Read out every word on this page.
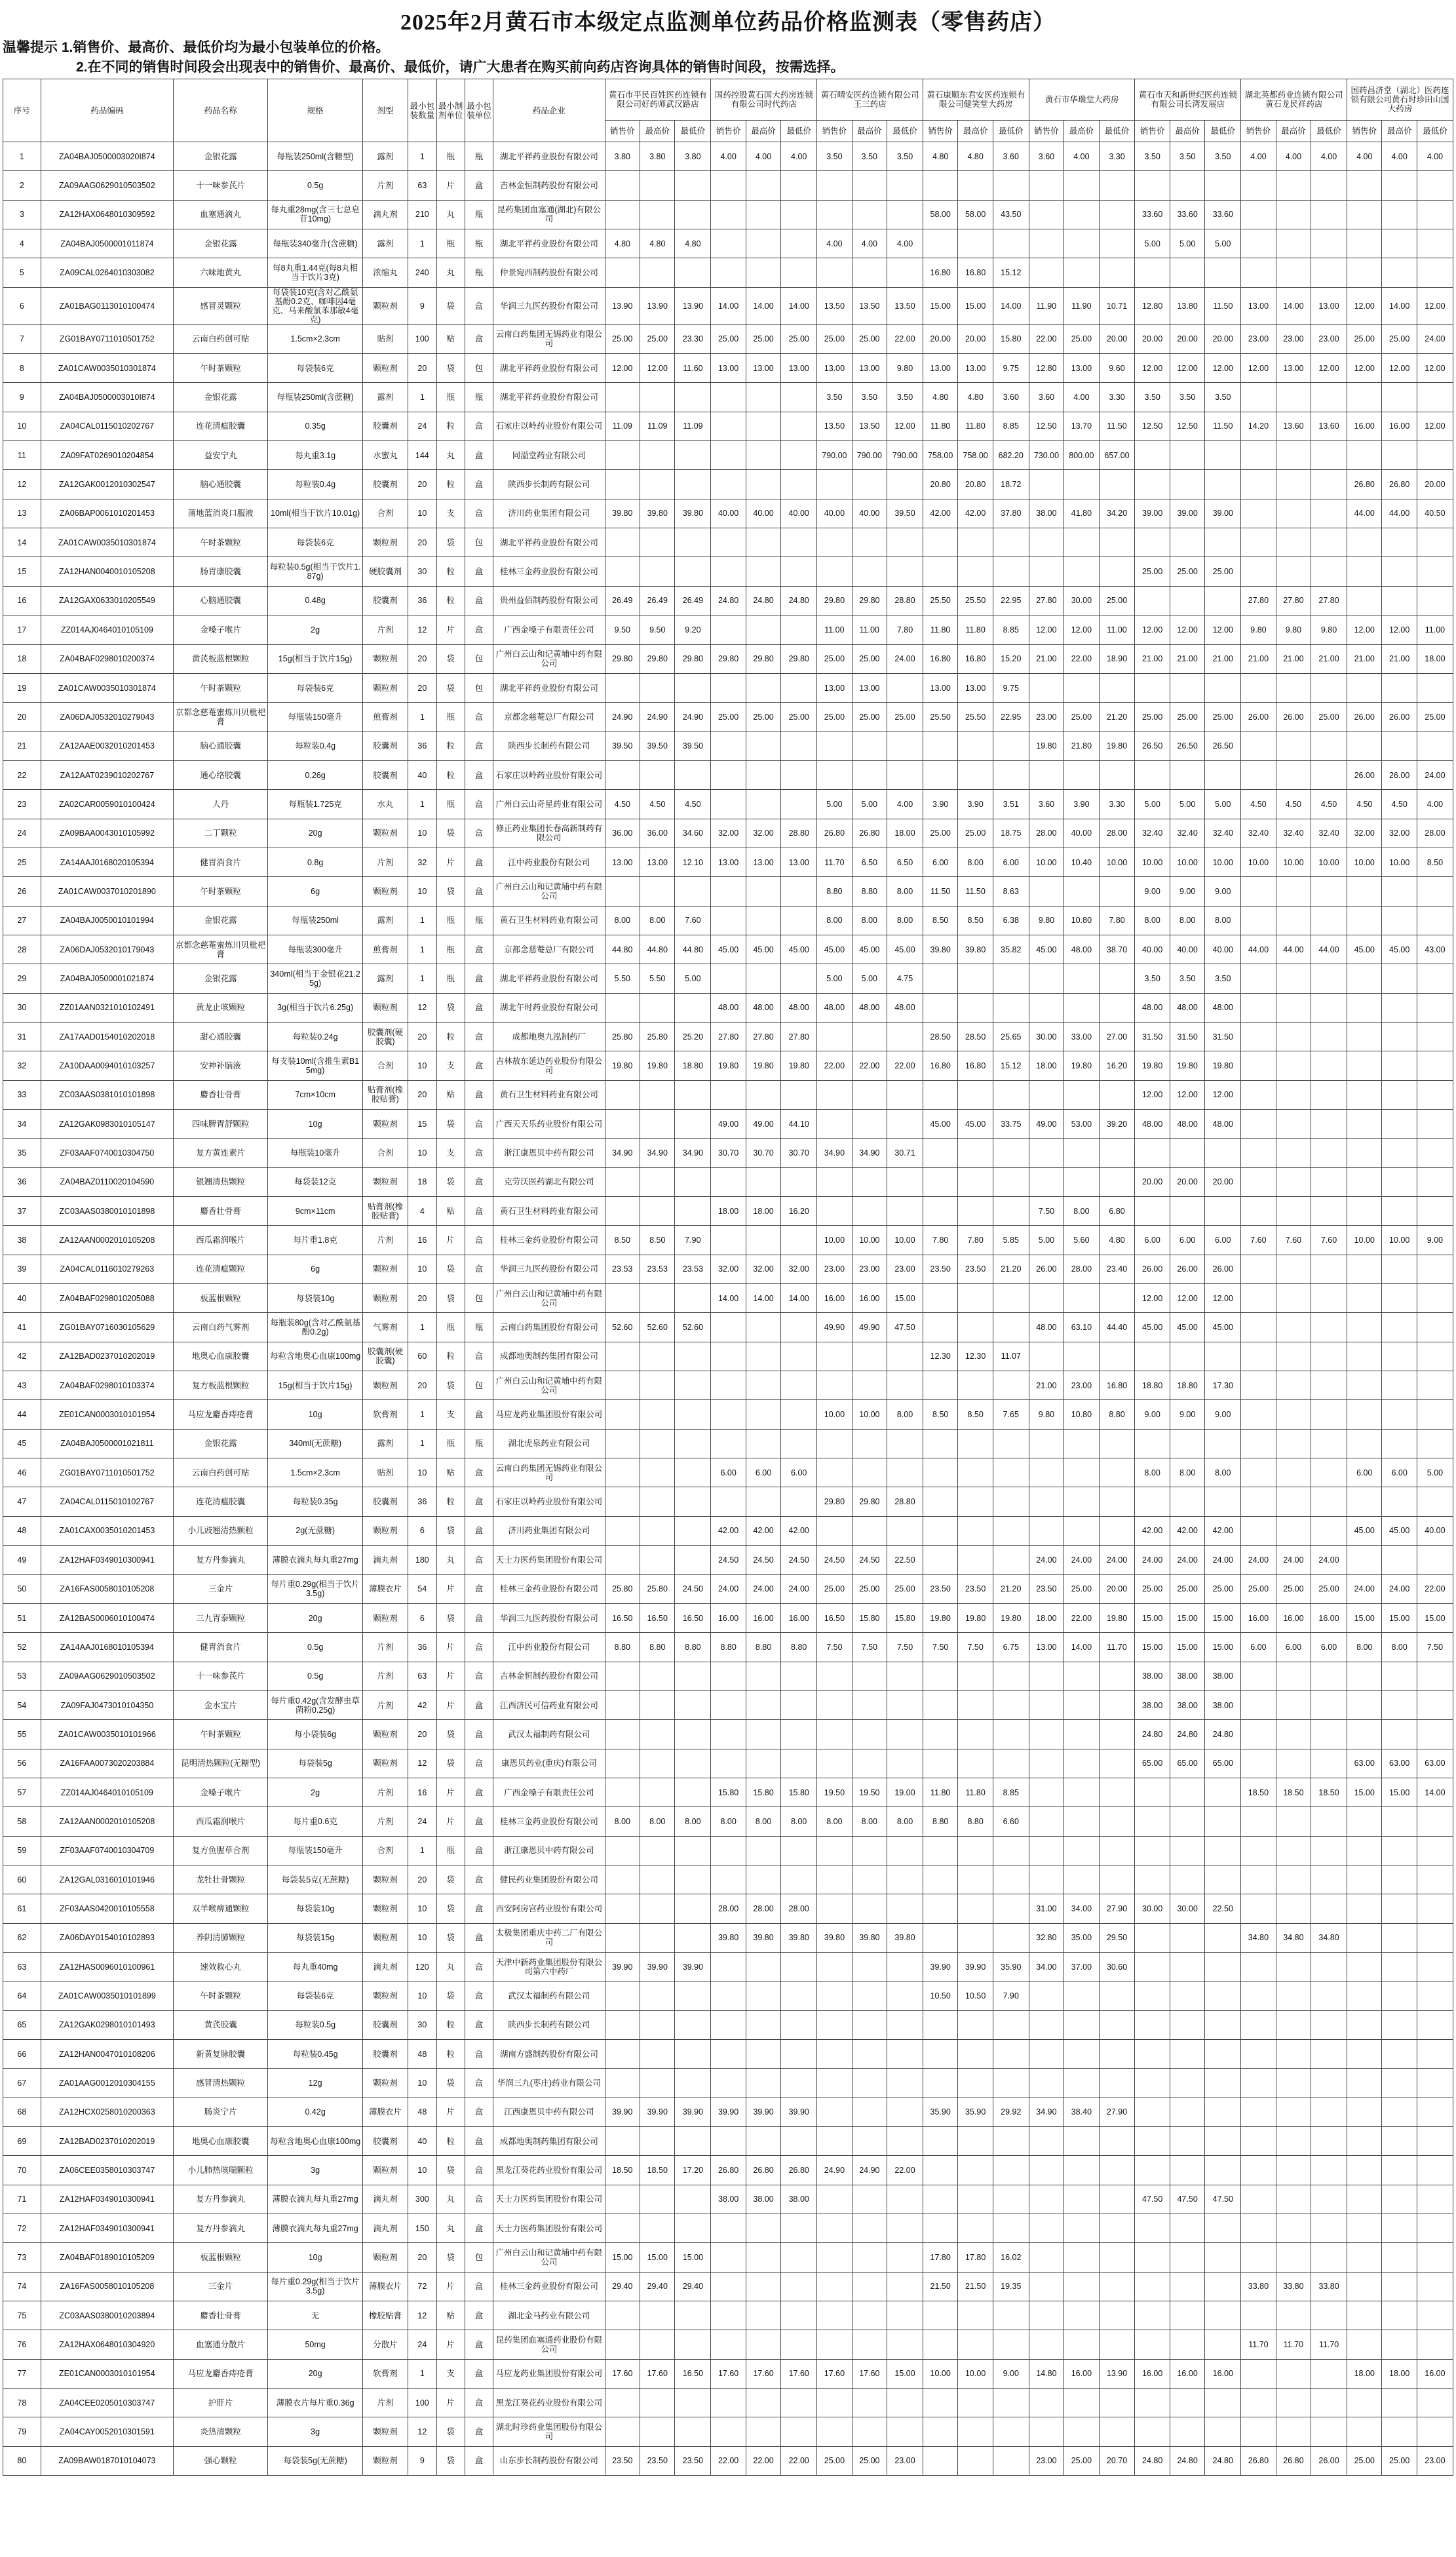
2025年2月黄石市本级定点监测单位药品价格监测表（零售药店）
温馨提示 1.销售价、最高价、最低价均为最小包装单位的价格。
2.在不同的销售时间段会出现表中的销售价、最高价、最低价，请广大患者在购买前向药店咨询具体的销售时间段，按需选择。
序号	药品编码	药品名称	规格	剂型	最小包装数量	最小制剂单位	最小包装单位	药品企业	黄石市平民百姓医药连锁有限公司好药师武汉路店			国药控股黄石国大药房连锁有限公司时代药店			黄石晴安医药连锁有限公司王三药店			黄石康顺东君安医药连锁有限公司健笑堂大药房			黄石市华瑞堂大药房			黄石市天和新世纪医药连锁有限公司长湾发展店			湖北英都药业连锁有限公司黄石龙民祥药店			国药昌济堂（湖北）医药连锁有限公司黄石时珍田山国大药房		
									销售价	最高价	最低价	销售价	最高价	最低价	销售价	最高价	最低价	销售价	最高价	最低价	销售价	最高价	最低价	销售价	最高价	最低价	销售价	最高价	最低价	销售价	最高价	最低价
1	ZA04BAJ0500003020I874	金银花露	每瓶装250ml(含糖型)	露剂	1	瓶	瓶	湖北平祥药业股份有限公司	3.80	3.80	3.80	4.00	4.00	4.00	3.50	3.50	3.50	4.80	4.80	3.60	3.60	4.00	3.30	3.50	3.50	3.50	4.00	4.00	4.00	4.00	4.00	4.00
2	ZA09AAG0629010503502	十一味参芪片	0.5g	片剂	63	片	盒	吉林金恒制药股份有限公司																								
3	ZA12HAX0648010309592	血塞通滴丸	每丸重28mg(含三七总皂苷10mg)	滴丸剂	210	丸	瓶	昆药集团血塞通(湖北)有限公司										58.00	58.00	43.50				33.60	33.60	33.60						
4	ZA04BAJ0500001011874	金银花露	每瓶装340毫升(含蔗糖)	露剂	1	瓶	瓶	湖北平祥药业股份有限公司	4.80	4.80	4.80				4.00	4.00	4.00							5.00	5.00	5.00						
5	ZA09CAL0264010303082	六味地黄丸	每8丸重1.44克(每8丸相当于饮片3克)	浓缩丸	240	丸	瓶	仲景宛西制药股份有限公司										16.80	16.80	15.12												
6	ZA01BAG0113010100474	感冒灵颗粒	每袋装10克(含对乙酰氨基酚0.2克、咖啡因4毫克、马来酸氯苯那敏4毫克)	颗粒剂	9	袋	盒	华润三九医药股份有限公司	13.90	13.90	13.90	14.00	14.00	14.00	13.50	13.50	13.50	15.00	15.00	14.00	11.90	11.90	10.71	12.80	13.80	11.50	13.00	14.00	13.00	12.00	14.00	12.00
7	ZG01BAY0711010501752	云南白药创可贴	1.5cm×2.3cm	贴剂	100	贴	盒	云南白药集团无锡药业有限公司	25.00	25.00	23.30	25.00	25.00	25.00	25.00	25.00	22.00	20.00	20.00	15.80	22.00	25.00	20.00	20.00	20.00	20.00	23.00	23.00	23.00	25.00	25.00	24.00
8	ZA01CAW0035010301874	午时茶颗粒	每袋装6克	颗粒剂	20	袋	包	湖北平祥药业股份有限公司	12.00	12.00	11.60	13.00	13.00	13.00	13.00	13.00	9.80	13.00	13.00	9.75	12.80	13.00	9.60	12.00	12.00	12.00	12.00	13.00	12.00	12.00	12.00	12.00
9	ZA04BAJ0500003010I874	金银花露	每瓶装250ml(含蔗糖)	露剂	1	瓶	瓶	湖北平祥药业股份有限公司							3.50	3.50	3.50	4.80	4.80	3.60	3.60	4.00	3.30	3.50	3.50	3.50						
10	ZA04CAL0115010202767	连花清瘟胶囊	0.35g	胶囊剂	24	粒	盒	石家庄以岭药业股份有限公司	11.09	11.09	11.09				13.50	13.50	12.00	11.80	11.80	8.85	12.50	13.70	11.50	12.50	12.50	11.50	14.20	13.60	13.60	16.00	16.00	12.00
11	ZA09FAT0269010204854	益安宁丸	每丸重3.1g	水蜜丸	144	丸	盒	同溢堂药业有限公司							790.00	790.00	790.00	758.00	758.00	682.20	730.00	800.00	657.00									
12	ZA12GAK0012010302547	脑心通胶囊	每粒装0.4g	胶囊剂	20	粒	盒	陕西步长制药有限公司										20.80	20.80	18.72										26.80	26.80	20.00
13	ZA06BAP0061010201453	蒲地蓝消炎口服液	10ml(相当于饮片10.01g)	合剂	10	支	盒	济川药业集团有限公司	39.80	39.80	39.80	40.00	40.00	40.00	40.00	40.00	39.50	42.00	42.00	37.80	38.00	41.80	34.20	39.00	39.00	39.00				44.00	44.00	40.50
14	ZA01CAW0035010301874	午时茶颗粒	每袋装6克	颗粒剂	20	袋	包	湖北平祥药业股份有限公司																								
15	ZA12HAN0040010105208	肠胃康胶囊	每粒装0.5g(相当于饮片1.87g)	硬胶囊剂	30	粒	盒	桂林三金药业股份有限公司																25.00	25.00	25.00						
16	ZA12GAX0633010205549	心脑通胶囊	0.48g	胶囊剂	36	粒	盒	贵州益佰制药股份有限公司	26.49	26.49	26.49	24.80	24.80	24.80	29.80	29.80	28.80	25.50	25.50	22.95	27.80	30.00	25.00				27.80	27.80	27.80			
17	ZZ014AJ0464010105109	金嗓子喉片	2g	片剂	12	片	盒	广西金嗓子有限责任公司	9.50	9.50	9.20				11.00	11.00	7.80	11.80	11.80	8.85	12.00	12.00	11.00	12.00	12.00	12.00	9.80	9.80	9.80	12.00	12.00	11.00
18	ZA04BAF0298010200374	黄芪板蓝根颗粒	15g(相当于饮片15g)	颗粒剂	20	袋	包	广州白云山和记黄埔中药有限公司	29.80	29.80	29.80	29.80	29.80	29.80	25.00	25.00	24.00	16.80	16.80	15.20	21.00	22.00	18.90	21.00	21.00	21.00	21.00	21.00	21.00	21.00	21.00	18.00
19	ZA01CAW0035010301874	午时茶颗粒	每袋装6克	颗粒剂	20	袋	包	湖北平祥药业股份有限公司							13.00	13.00		13.00	13.00	9.75												
20	ZA06DAJ0532010279043	京都念慈菴蜜炼川贝枇杷膏	每瓶装150毫升	煎膏剂	1	瓶	盒	京都念慈菴总厂有限公司	24.90	24.90	24.90	25.00	25.00	25.00	25.00	25.00	25.00	25.50	25.50	22.95	23.00	25.00	21.20	25.00	25.00	25.00	26.00	26.00	25.00	26.00	26.00	25.00
21	ZA12AAE0032010201453	脑心通胶囊	每粒装0.4g	胶囊剂	36	粒	盒	陕西步长制药有限公司	39.50	39.50	39.50										19.80	21.80	19.80	26.50	26.50	26.50						
22	ZA12AAT0239010202767	通心络胶囊	0.26g	胶囊剂	40	粒	盒	石家庄以岭药业股份有限公司																						26.00	26.00	24.00
23	ZA02CAR0059010100424	人丹	每瓶装1.725克	水丸	1	瓶	盒	广州白云山奇星药业有限公司	4.50	4.50	4.50				5.00	5.00	4.00	3.90	3.90	3.51	3.60	3.90	3.30	5.00	5.00	5.00	4.50	4.50	4.50	4.50	4.50	4.00
24	ZA09BAA0043010105992	二丁颗粒	20g	颗粒剂	10	袋	盒	修正药业集团长春高新制药有限公司	36.00	36.00	34.60	32.00	32.00	28.80	26.80	26.80	18.00	25.00	25.00	18.75	28.00	40.00	28.00	32.40	32.40	32.40	32.40	32.40	32.40	32.00	32.00	28.00
25	ZA14AAJ0168020105394	健胃消食片	0.8g	片剂	32	片	盒	江中药业股份有限公司	13.00	13.00	12.10	13.00	13.00	13.00	11.70	6.50	6.50	6.00	8.00	6.00	10.00	10.40	10.00	10.00	10.00	10.00	10.00	10.00	10.00	10.00	10.00	8.50
26	ZA01CAW0037010201890	午时茶颗粒	6g	颗粒剂	10	袋	盒	广州白云山和记黄埔中药有限公司							8.80	8.80	8.00	11.50	11.50	8.63				9.00	9.00	9.00						
27	ZA04BAJ0050010101994	金银花露	每瓶装250ml	露剂	1	瓶	瓶	黄石卫生材料药业有限公司	8.00	8.00	7.60				8.00	8.00	8.00	8.50	8.50	6.38	9.80	10.80	7.80	8.00	8.00	8.00						
28	ZA06DAJ0532010179043	京都念慈菴蜜炼川贝枇杷膏	每瓶装300毫升	煎膏剂	1	瓶	盒	京都念慈菴总厂有限公司	44.80	44.80	44.80	45.00	45.00	45.00	45.00	45.00	45.00	39.80	39.80	35.82	45.00	48.00	38.70	40.00	40.00	40.00	44.00	44.00	44.00	45.00	45.00	43.00
29	ZA04BAJ0500001021874	金银花露	340ml(相当于金银花21.25g)	露剂	1	瓶	盒	湖北平祥药业股份有限公司	5.50	5.50	5.00				5.00	5.00	4.75							3.50	3.50	3.50						
30	ZZ01AAN0321010102491	黄龙止咳颗粒	3g(相当于饮片6.25g)	颗粒剂	12	袋	盒	湖北午时药业股份有限公司				48.00	48.00	48.00	48.00	48.00	48.00							48.00	48.00	48.00						
31	ZA17AAD0154010202018	甜心通胶囊	每粒装0.24g	胶囊剂(硬胶囊)	20	粒	盒	成都地奥九泓制药厂	25.80	25.80	25.20	27.80	27.80	27.80				28.50	28.50	25.65	30.00	33.00	27.00	31.50	31.50	31.50						
32	ZA10DAA0094010103257	安神补脑液	每支装10ml(含推生素B15mg)	合剂	10	支	盒	吉林敖东延边药业股份有限公司	19.80	19.80	18.80	19.80	19.80	19.80	22.00	22.00	22.00	16.80	16.80	15.12	18.00	19.80	16.20	19.80	19.80	19.80						
33	ZC03AAS0381010101898	麝香壮骨膏	7cm×10cm	贴膏剂(橡胶贴膏)	20	贴	盒	黄石卫生材料药业有限公司																12.00	12.00	12.00						
34	ZA12GAK0983010105147	四味脾胃舒颗粒	10g	颗粒剂	15	袋	盒	广西天天乐药业股份有限公司				49.00	49.00	44.10				45.00	45.00	33.75	49.00	53.00	39.20	48.00	48.00	48.00						
35	ZF03AAF0740010304750	复方黄连素片	每瓶装10毫升	合剂	10	支	盒	浙江康恩贝中药有限公司	34.90	34.90	34.90	30.70	30.70	30.70	34.90	34.90	30.71															
36	ZA04BAZ0110020104590	银翘清热颗粒	每袋装12克	颗粒剂	18	袋	盒	克劳沃医药湖北有限公司																20.00	20.00	20.00						
37	ZC03AAS0380010101898	麝香壮骨膏	9cm×11cm	贴膏剂(橡胶贴膏)	4	贴	盒	黄石卫生材料药业有限公司				18.00	18.00	16.20							7.50	8.00	6.80									
38	ZA12AAN0002010105208	西瓜霜润喉片	每片重1.8克	片剂	16	片	盒	桂林三金药业股份有限公司	8.50	8.50	7.90				10.00	10.00	10.00	7.80	7.80	5.85	5.00	5.60	4.80	6.00	6.00	6.00	7.60	7.60	7.60	10.00	10.00	9.00
39	ZA04CAL0116010279263	连花清瘟颗粒	6g	颗粒剂	10	袋	盒	华润三九医药股份有限公司	23.53	23.53	23.53	32.00	32.00	32.00	23.00	23.00	23.00	23.50	23.50	21.20	26.00	28.00	23.40	26.00	26.00	26.00						
40	ZA04BAF0298010205088	板蓝根颗粒	每袋装10g	颗粒剂	20	袋	包	广州白云山和记黄埔中药有限公司				14.00	14.00	14.00	16.00	16.00	15.00							12.00	12.00	12.00						
41	ZG01BAY0716030105629	云南白药气雾剂	每瓶装80g(含对乙酰氨基酚0.2g)	气雾剂	1	瓶	瓶	云南白药集团股份有限公司	52.60	52.60	52.60				49.90	49.90	47.50				48.00	63.10	44.40	45.00	45.00	45.00						
42	ZA12BAD0237010202019	地奥心血康胶囊	每粒含地奥心血康100mg	胶囊剂(硬胶囊)	60	粒	盒	成都地奥制药集团有限公司										12.30	12.30	11.07												
43	ZA04BAF0298010103374	复方板蓝根颗粒	15g(相当于饮片15g)	颗粒剂	20	袋	包	广州白云山和记黄埔中药有限公司													21.00	23.00	16.80	18.80	18.80	17.30						
44	ZE01CAN0003010101954	马应龙麝香痔疮膏	10g	软膏剂	1	支	盒	马应龙药业集团股份有限公司							10.00	10.00	8.00	8.50	8.50	7.65	9.80	10.80	8.80	9.00	9.00	9.00						
45	ZA04BAJ0500001021811	金银花露	340ml(无蔗糖)	露剂	1	瓶	瓶	湖北虎泉药业有限公司																								
46	ZG01BAY0711010501752	云南白药创可贴	1.5cm×2.3cm	贴剂	10	贴	盒	云南白药集团无锡药业有限公司				6.00	6.00	6.00										8.00	8.00	8.00				6.00	6.00	5.00
47	ZA04CAL0115010102767	连花清瘟胶囊	每粒装0.35g	胶囊剂	36	粒	盒	石家庄以岭药业股份有限公司							29.80	29.80	28.80															
48	ZA01CAX0035010201453	小儿豉翘清热颗粒	2g(无蔗糖)	颗粒剂	6	袋	盒	济川药业集团有限公司				42.00	42.00	42.00										42.00	42.00	42.00				45.00	45.00	40.00
49	ZA12HAF0349010300941	复方丹参滴丸	薄膜衣滴丸每丸重27mg	滴丸剂	180	丸	盒	天士力医药集团股份有限公司				24.50	24.50	24.50	24.50	24.50	22.50				24.00	24.00	24.00	24.00	24.00	24.00	24.00	24.00	24.00			
50	ZA16FAS0058010105208	三金片	每片重0.29g(相当于饮片3.5g)	薄膜衣片	54	片	盒	桂林三金药业股份有限公司	25.80	25.80	24.50	24.00	24.00	24.00	25.00	25.00	25.00	23.50	23.50	21.20	23.50	25.00	20.00	25.00	25.00	25.00	25.00	25.00	25.00	24.00	24.00	22.00
51	ZA12BAS0006010100474	三九胃泰颗粒	20g	颗粒剂	6	袋	盒	华润三九医药股份有限公司	16.50	16.50	16.50	16.00	16.00	16.00	16.50	15.80	15.80	19.80	19.80	19.80	18.00	22.00	19.80	15.00	15.00	15.00	16.00	16.00	16.00	15.00	15.00	15.00
52	ZA14AAJ0168010105394	健胃消食片	0.5g	片剂	36	片	盒	江中药业股份有限公司	8.80	8.80	8.80	8.80	8.80	8.80	7.50	7.50	7.50	7.50	7.50	6.75	13.00	14.00	11.70	15.00	15.00	15.00	6.00	6.00	6.00	8.00	8.00	7.50
53	ZA09AAG0629010503502	十一味参芪片	0.5g	片剂	63	片	盒	吉林金恒制药股份有限公司																38.00	38.00	38.00						
54	ZA09FAJ0473010104350	金水宝片	每片重0.42g(含发酵虫草菌粉0.25g)	片剂	42	片	盒	江西济民可信药业有限公司																38.00	38.00	38.00						
55	ZA01CAW0035010101966	午时茶颗粒	每小袋装6g	颗粒剂	20	袋	盒	武汉太福制药有限公司																24.80	24.80	24.80						
56	ZA16FAA0073020203884	昆明清热颗粒(无糖型)	每袋装5g	颗粒剂	12	袋	盒	康恩贝药业(重庆)有限公司																65.00	65.00	65.00				63.00	63.00	63.00
57	ZZ014AJ0464010105109	金嗓子喉片	2g	片剂	16	片	盒	广西金嗓子有限责任公司				15.80	15.80	15.80	19.50	19.50	19.00	11.80	11.80	8.85							18.50	18.50	18.50	15.00	15.00	14.00
58	ZA12AAN0002010105208	西瓜霜润喉片	每片重0.6克	片剂	24	片	盒	桂林三金药业股份有限公司	8.00	8.00	8.00	8.00	8.00	8.00	8.00	8.00	8.00	8.80	8.80	6.60												
59	ZF03AAF0740010304709	复方鱼腥草合剂	每瓶装150毫升	合剂	1	瓶	盒	浙江康恩贝中药有限公司																								
60	ZA12GAL0316010101946	龙牡壮骨颗粒	每袋装5克(无蔗糖)	颗粒剂	20	袋	盒	健民药业集团股份有限公司																								
61	ZF03AAS0420010105558	双羊喉痹通颗粒	每袋装10g	颗粒剂	10	袋	盒	西安阿房宫药业股份有限公司				28.00	28.00	28.00							31.00	34.00	27.90	30.00	30.00	22.50						
62	ZA06DAY0154010102893	养阴清肺颗粒	每袋装15g	颗粒剂	10	袋	盒	太极集团重庆中药二厂有限公司				39.80	39.80	39.80	39.80	39.80	39.80				32.80	35.00	29.50				34.80	34.80	34.80			
63	ZA12HAS0096010100961	速效救心丸	每丸重40mg	滴丸剂	120	丸	盒	天津中新药业集团股份有限公司第六中药厂	39.90	39.90	39.90							39.90	39.90	35.90	34.00	37.00	30.60									
64	ZA01CAW0035010101899	午时茶颗粒	每袋装6克	颗粒剂	10	袋	盒	武汉太福制药有限公司										10.50	10.50	7.90												
65	ZA12GAK0298010101493	黄芪胶囊	每粒装0.5g	胶囊剂	30	粒	盒	陕西步长制药有限公司																								
66	ZA12HAN0047010108206	新黄复脉胶囊	每粒装0.45g	胶囊剂	48	粒	盒	湖南方盛制药股份有限公司																								
67	ZA01AAG0012010304155	感冒清热颗粒	12g	颗粒剂	10	袋	盒	华润三九(枣庄)药业有限公司																								
68	ZA12HCX0258010200363	肠炎宁片	0.42g	薄膜衣片	48	片	盒	江西康恩贝中药有限公司	39.90	39.90	39.90	39.90	39.90	39.90				35.90	35.90	29.92	34.90	38.40	27.90									
69	ZA12BAD0237010202019	地奥心血康胶囊	每粒含地奥心血康100mg	胶囊剂	40	粒	盒	成都地奥制药集团有限公司																								
70	ZA06CEE0358010303747	小儿肺热咳喘颗粒	3g	颗粒剂	10	袋	盒	黑龙江葵花药业股份有限公司	18.50	18.50	17.20	26.80	26.80	26.80	24.90	24.90	22.00															
71	ZA12HAF0349010300941	复方丹参滴丸	薄膜衣滴丸每丸重27mg	滴丸剂	300	丸	盒	天士力医药集团股份有限公司				38.00	38.00	38.00										47.50	47.50	47.50						
72	ZA12HAF0349010300941	复方丹参滴丸	薄膜衣滴丸每丸重27mg	滴丸剂	150	丸	盒	天士力医药集团股份有限公司																								
73	ZA04BAF0189010105209	板蓝根颗粒	10g	颗粒剂	20	袋	包	广州白云山和记黄埔中药有限公司	15.00	15.00	15.00							17.80	17.80	16.02												
74	ZA16FAS0058010105208	三金片	每片重0.29g(相当于饮片3.5g)	薄膜衣片	72	片	盒	桂林三金药业股份有限公司	29.40	29.40	29.40							21.50	21.50	19.35							33.80	33.80	33.80			
75	ZC03AAS0380010203894	麝香壮骨膏	无	橡胶贴膏	12	贴	盒	湖北金马药业有限公司																								
76	ZA12HAX0648010304920	血塞通分散片	50mg	分散片	24	片	盒	昆药集团血塞通药业股份有限公司																			11.70	11.70	11.70			
77	ZE01CAN0003010101954	马应龙麝香痔疮膏	20g	软膏剂	1	支	盒	马应龙药业集团股份有限公司	17.60	17.60	16.50	17.60	17.60	17.60	17.60	17.60	15.00	10.00	10.00	9.00	14.80	16.00	13.90	16.00	16.00	16.00				18.00	18.00	16.00
78	ZA04CEE0205010303747	护肝片	薄膜衣片每片重0.36g	片剂	100	片	盒	黑龙江葵花药业股份有限公司																								
79	ZA04CAY0052010301591	炎热清颗粒	3g	颗粒剂	12	袋	盒	湖北时珍药业集团股份有限公司																								
80	ZA09BAW0187010104073	强心颗粒	每袋装5g(无蔗糖)	颗粒剂	9	袋	盒	山东步长制药股份有限公司	23.50	23.50	23.50	22.00	22.00	22.00	25.00	25.00	23.00				23.00	25.00	20.70	24.80	24.80	24.80	26.80	26.80	26.00	25.00	25.00	23.00
